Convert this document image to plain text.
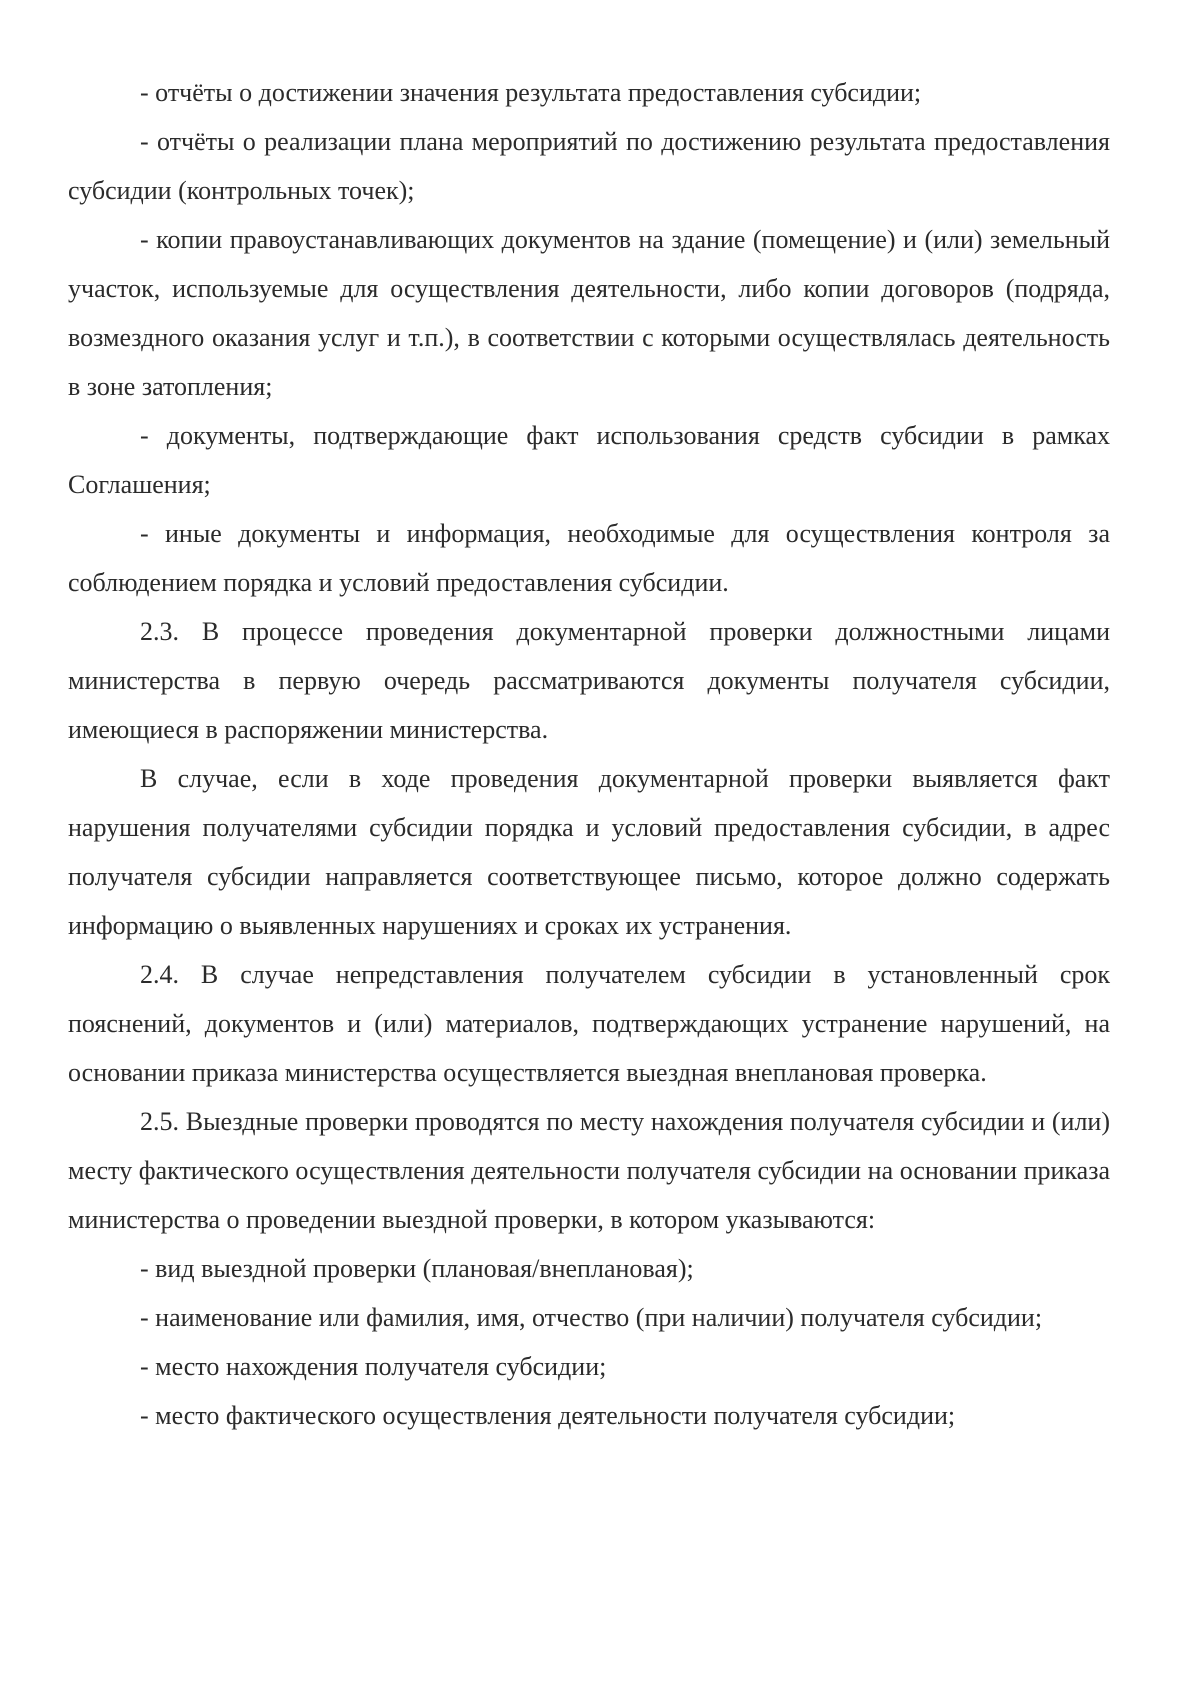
- отчёты о достижении значения результата предоставления субсидии;

- отчёты о реализации плана мероприятий по достижению результата предоставления субсидии (контрольных точек);

- копии правоустанавливающих документов на здание (помещение) и (или) земельный участок, используемые для осуществления деятельности, либо копии договоров (подряда, возмездного оказания услуг и т.п.), в соответствии с которыми осуществлялась деятельность в зоне затопления;

- документы, подтверждающие факт использования средств субсидии в рамках Соглашения;

- иные документы и информация, необходимые для осуществления контроля за соблюдением порядка и условий предоставления субсидии.

2.3. В процессе проведения документарной проверки должностными лицами министерства в первую очередь рассматриваются документы получателя субсидии, имеющиеся в распоряжении министерства.

В случае, если в ходе проведения документарной проверки выявляется факт нарушения получателями субсидии порядка и условий предоставления субсидии, в адрес получателя субсидии направляется соответствующее письмо, которое должно содержать информацию о выявленных нарушениях и сроках их устранения.

2.4. В случае непредставления получателем субсидии в установленный срок пояснений, документов и (или) материалов, подтверждающих устранение нарушений, на основании приказа министерства осуществляется выездная внеплановая проверка.

2.5. Выездные проверки проводятся по месту нахождения получателя субсидии и (или) месту фактического осуществления деятельности получателя субсидии на основании приказа министерства о проведении выездной проверки, в котором указываются:

- вид выездной проверки (плановая/внеплановая);

- наименование или фамилия, имя, отчество (при наличии) получателя субсидии;

- место нахождения получателя субсидии;

- место фактического осуществления деятельности получателя субсидии;
